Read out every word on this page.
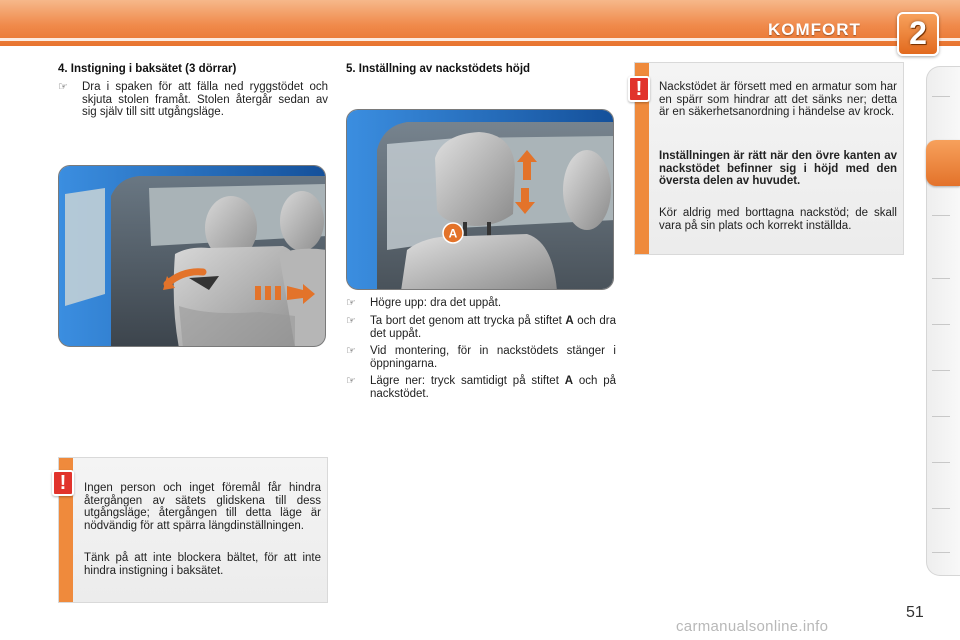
KOMFORT	2
4. Instigning i baksätet (3 dörrar)
☞ Dra i spaken för att fälla ned ryggstödet och skjuta stolen framåt. Stolen återgår sedan av sig själv till sitt utgångsläge.
!	Ingen person och inget föremål får hindra återgången av sätets glidskena till dess utgångsläge; återgången till detta läge är nödvändig för att spärra längdinställningen.
Tänk på att inte blockera bältet, för att inte hindra instigning i baksätet.
5. Inställning av nackstödets höjd
A
☞ Högre upp: dra det uppåt.
☞ Ta bort det genom att trycka på stiftet A och dra det uppåt.
☞ Vid montering, för in nackstödets stänger i öppningarna.
☞ Lägre ner: tryck samtidigt på stiftet A och på nackstödet.
!	Nackstödet är försett med en armatur som har en spärr som hindrar att det sänks ner; detta är en säkerhetsanordning i händelse av krock.
Inställningen är rätt när den övre kanten av nackstödet befinner sig i höjd med den översta delen av huvudet.
Kör aldrig med borttagna nackstöd; de skall vara på sin plats och korrekt inställda.
51
carmanualsonline.info
